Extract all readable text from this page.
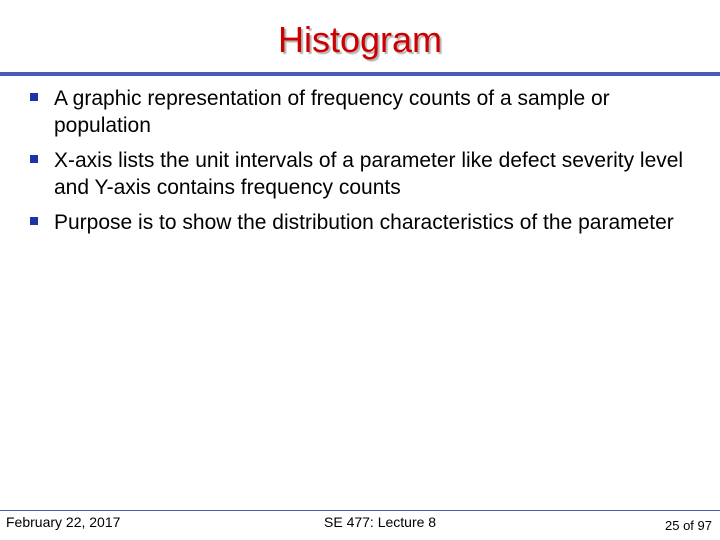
Histogram
A graphic representation of frequency counts of a sample or population
X-axis lists the unit intervals of a parameter like defect severity level and Y-axis contains frequency counts
Purpose is to show the distribution characteristics of the parameter
February 22, 2017	SE 477: Lecture 8	25 of 97
